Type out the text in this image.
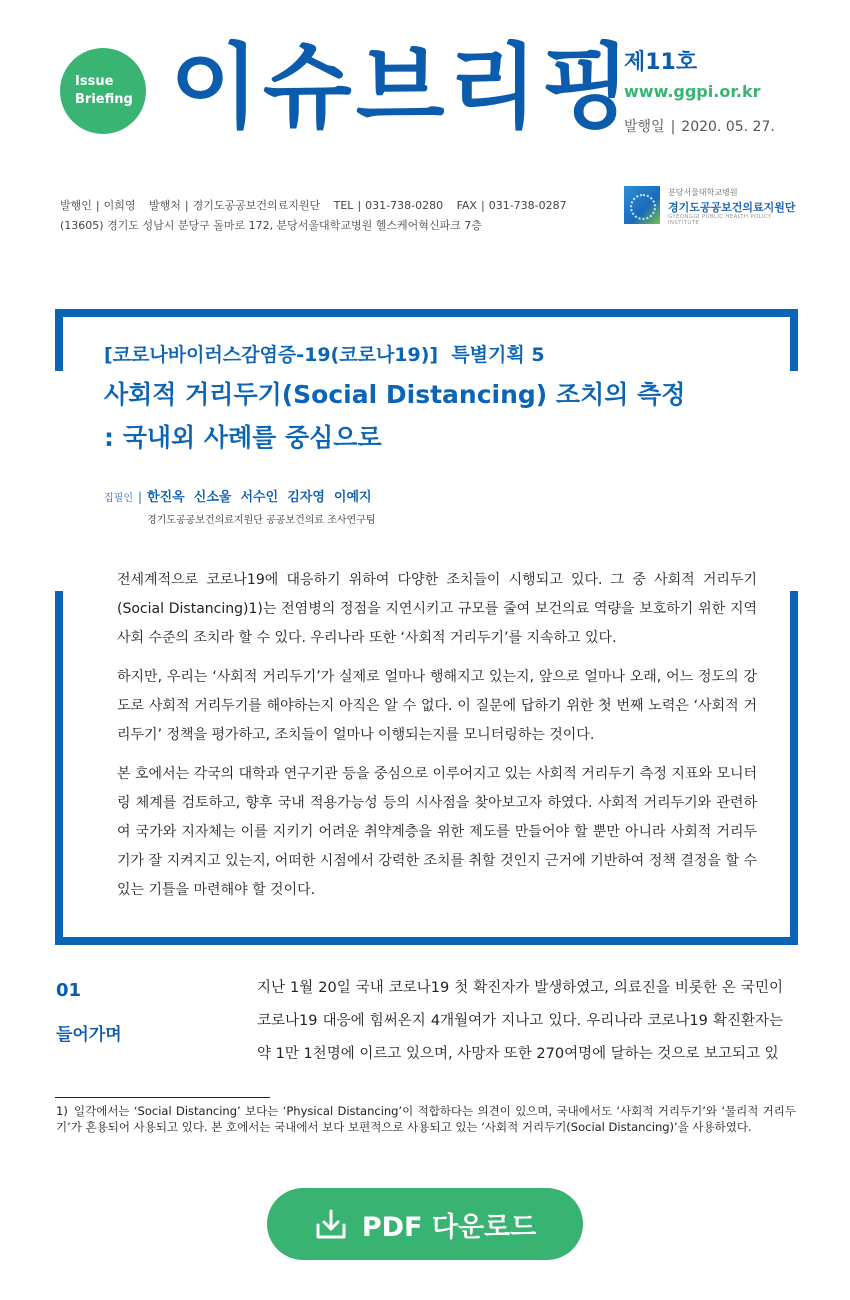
Issue
Briefing 이슈브리핑
제11호
www.ggpi.or.kr
발행일 | 2020. 05. 27.
발행인 | 이희영 발행처 | 경기도공공보건의료지원단 TEL | 031-738-0280 FAX | 031-738-0287
(13605) 경기도 성남시 분당구 돌마로 172, 분당서울대학교병원 헬스케어혁신파크 7층
분당서울대학교병원
경기도공공보건의료지원단
GYEONGGI PUBLIC HEALTH POLICY INSTITUTE
[코로나바이러스감염증-19(코로나19)]  특별기획 5
사회적 거리두기(Social Distancing) 조치의 측정
: 국내외 사례를 중심으로
집필인 | 한진옥  신소울  서수인  김자영  이예지
경기도공공보건의료지원단 공공보건의료 조사연구팀

전세계적으로 코로나19에 대응하기 위하여 다양한 조치들이 시행되고 있다. 그 중 사회적 거리두기(Social Distancing)1)는 전염병의 정점을 지연시키고 규모를 줄여 보건의료 역량을 보호하기 위한 지역사회 수준의 조치라 할 수 있다. 우리나라 또한 ‘사회적 거리두기’를 지속하고 있다.

하지만, 우리는 ‘사회적 거리두기’가 실제로 얼마나 행해지고 있는지, 앞으로 얼마나 오래, 어느 정도의 강도로 사회적 거리두기를 해야하는지 아직은 알 수 없다. 이 질문에 답하기 위한 첫 번째 노력은 ‘사회적 거리두기’ 정책을 평가하고, 조치들이 얼마나 이행되는지를 모니터링하는 것이다.

본 호에서는 각국의 대학과 연구기관 등을 중심으로 이루어지고 있는 사회적 거리두기 측정 지표와 모니터링 체계를 검토하고, 향후 국내 적용가능성 등의 시사점을 찾아보고자 하였다. 사회적 거리두기와 관련하여 국가와 지자체는 이를 지키기 어려운 취약계층을 위한 제도를 만들어야 할 뿐만 아니라 사회적 거리두기가 잘 지켜지고 있는지, 어떠한 시점에서 강력한 조치를 취할 것인지 근거에 기반하여 정책 결정을 할 수 있는 기틀을 마련해야 할 것이다.

01
들어가며
지난 1월 20일 국내 코로나19 첫 확진자가 발생하였고, 의료진을 비롯한 온 국민이 코로나19 대응에 힘써온지 4개월여가 지나고 있다. 우리나라 코로나19 확진환자는 약 1만 1천명에 이르고 있으며, 사망자 또한 270여명에 달하는 것으로 보고되고 있
1) 일각에서는 ‘Social Distancing’ 보다는 ‘Physical Distancing’이 적합하다는 의견이 있으며, 국내에서도 ‘사회적 거리두기’와 ‘물리적 거리두기’가 혼용되어 사용되고 있다. 본 호에서는 국내에서 보다 보편적으로 사용되고 있는 ‘사회적 거리두기(Social Distancing)’을 사용하였다.
PDF 다운로드
